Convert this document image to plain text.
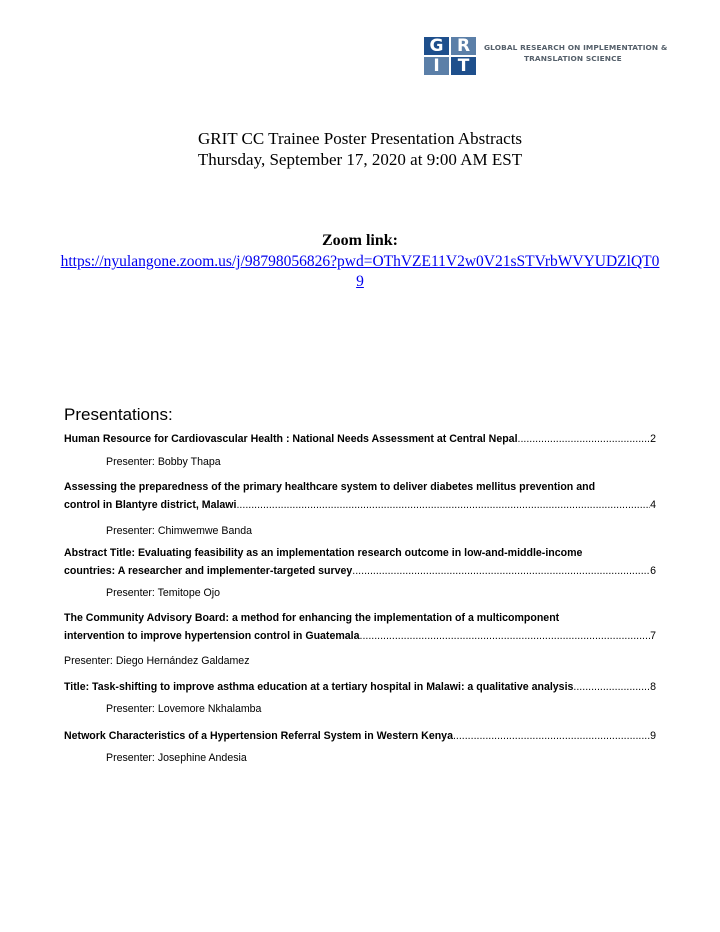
G R
I	T
GLOBAL RESEARCH ON IMPLEMENTATION &
TRANSLATION SCIENCE
GRIT CC Trainee Poster Presentation Abstracts
Thursday, September 17, 2020 at 9:00 AM EST
Zoom link:
https://nyulangone.zoom.us/j/98798056826?pwd=OThVZE11V2w0V21sSTVrbWVYUDZlQT09
Presentations:
Human Resource for Cardiovascular Health : National Needs Assessment at Central Nepal .....	2
Presenter: Bobby Thapa
Assessing the preparedness of the primary healthcare system to deliver diabetes mellitus prevention and
control in Blantyre district, Malawi .....	4
Presenter: Chimwemwe Banda
Abstract Title: Evaluating feasibility as an implementation research outcome in low-and-middle-income
countries: A researcher and implementer-targeted survey .....	6
Presenter: Temitope Ojo
The Community Advisory Board: a method for enhancing the implementation of a multicomponent
intervention to improve hypertension control in Guatemala .....	7
Presenter: Diego Hernández Galdamez
Title: Task-shifting to improve asthma education at a tertiary hospital in Malawi: a qualitative analysis .....	8
Presenter: Lovemore Nkhalamba
Network Characteristics of a Hypertension Referral System in Western Kenya .....	9
Presenter: Josephine Andesia
